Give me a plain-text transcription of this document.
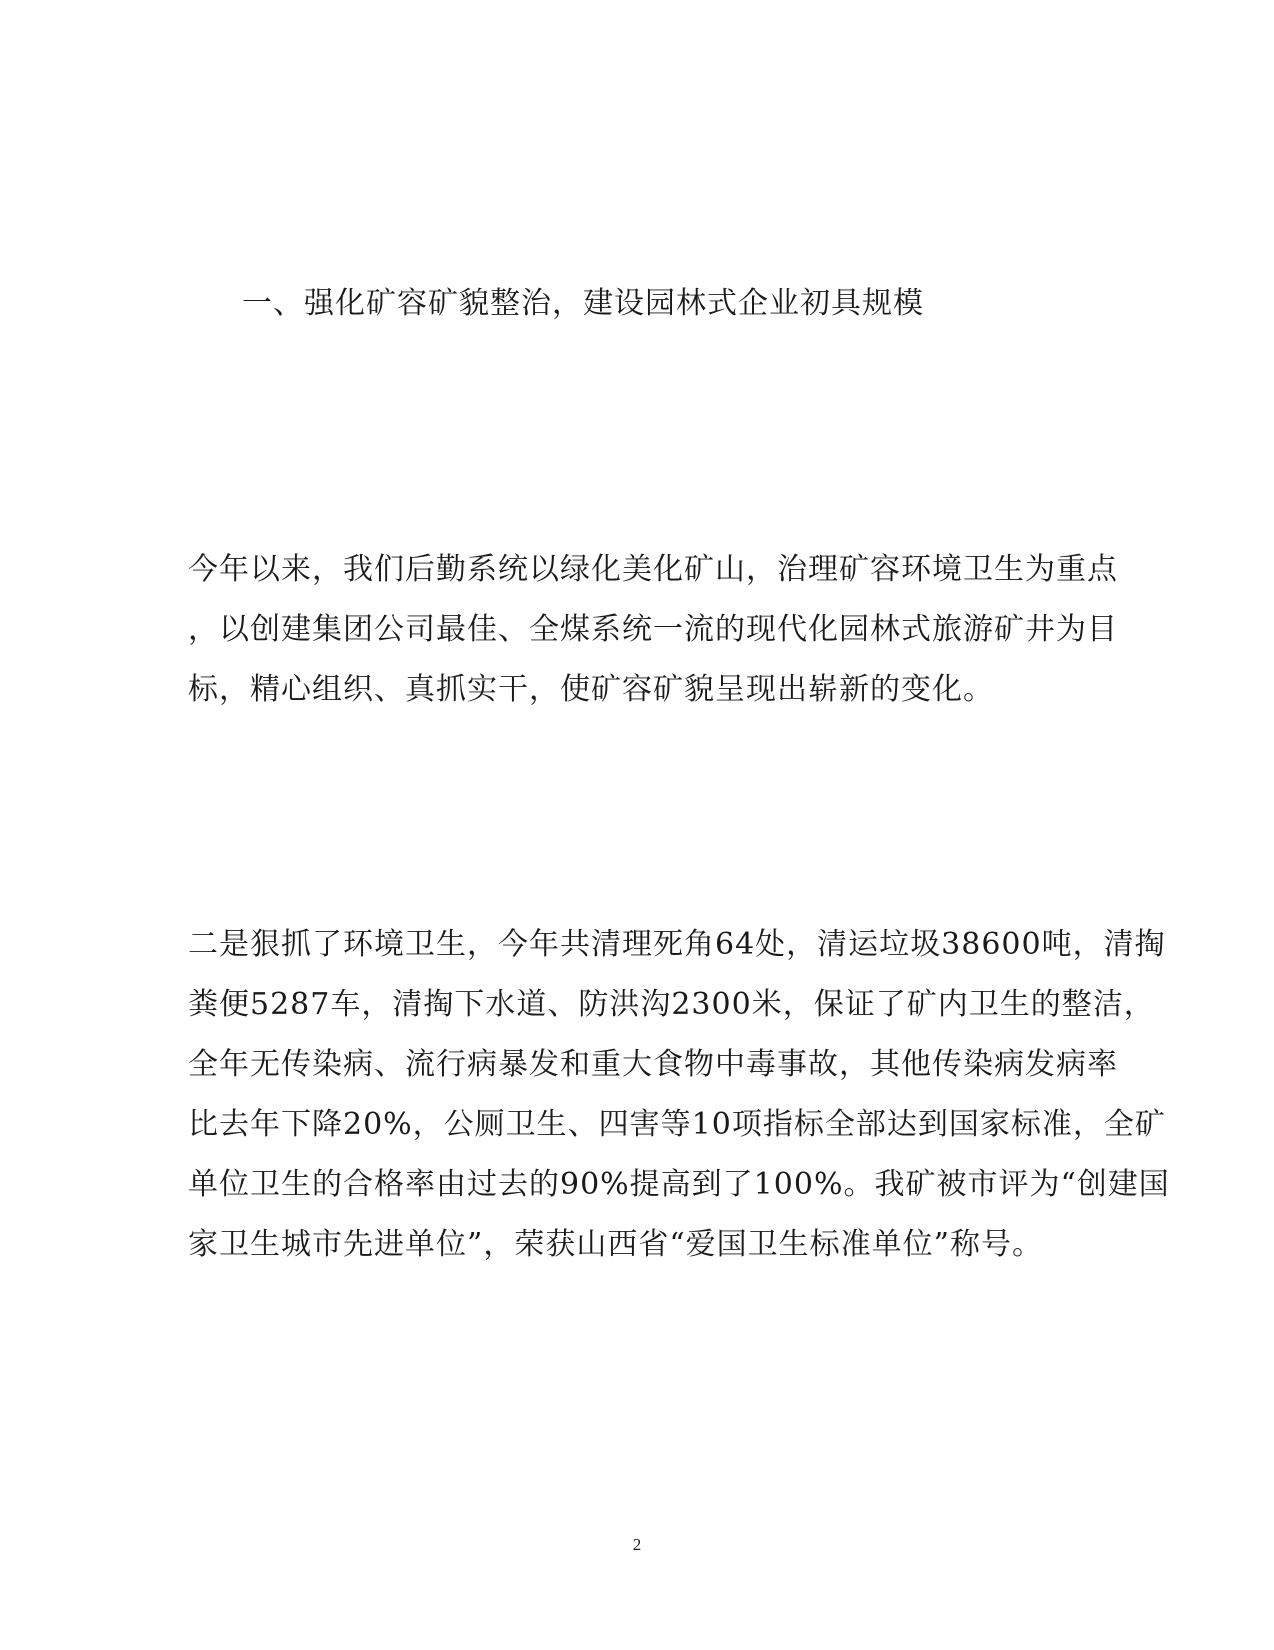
一、强化矿容矿貌整治，建设园林式企业初具规模
今年以来，我们后勤系统以绿化美化矿山，治理矿容环境卫生为重点
，以创建集团公司最佳、全煤系统一流的现代化园林式旅游矿井为目
标，精心组织、真抓实干，使矿容矿貌呈现出崭新的变化。
二是狠抓了环境卫生，今年共清理死角64处，清运垃圾38600吨，清掏
粪便5287车，清掏下水道、防洪沟2300米，保证了矿内卫生的整洁，
全年无传染病、流行病暴发和重大食物中毒事故，其他传染病发病率
比去年下降20%，公厕卫生、四害等10项指标全部达到国家标准，全矿
单位卫生的合格率由过去的90%提高到了100%。我矿被市评为“创建国
家卫生城市先进单位”，荣获山西省“爱国卫生标准单位”称号。
2
